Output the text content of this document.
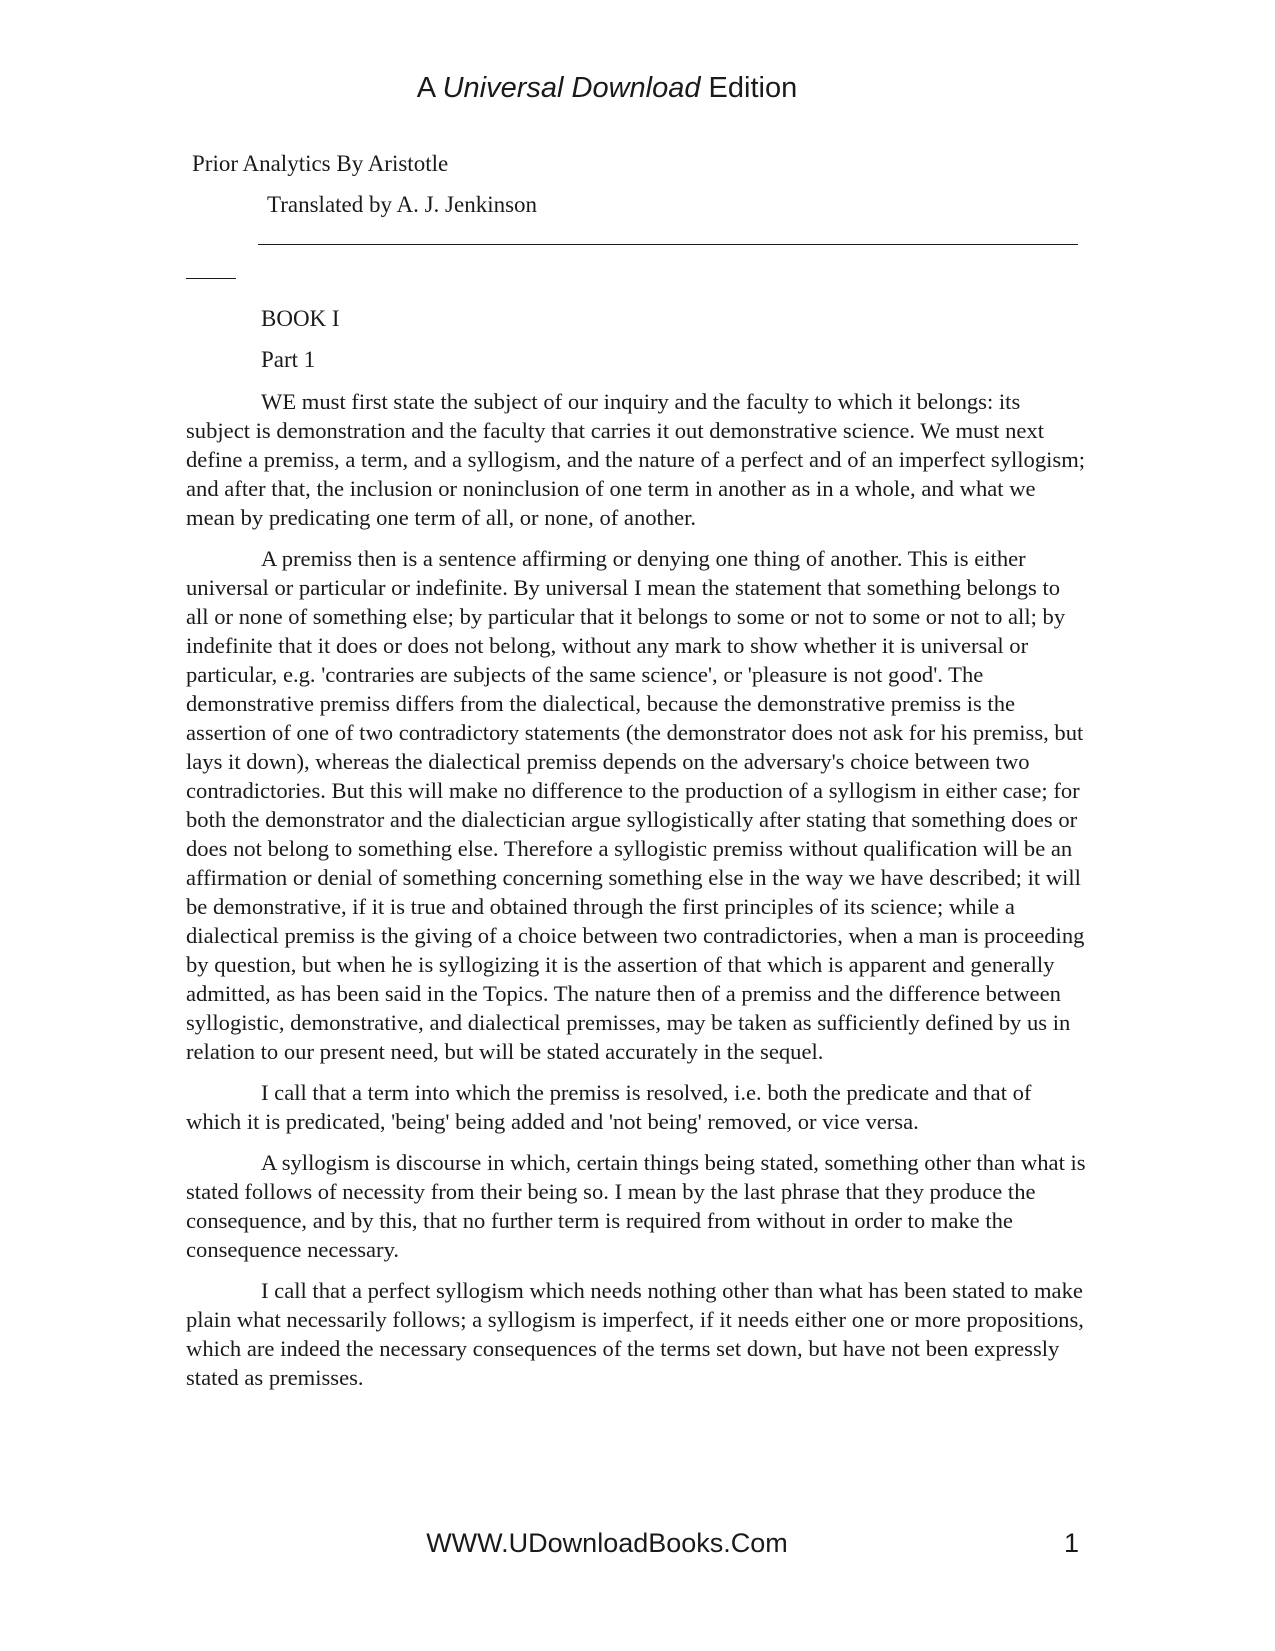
A Universal Download Edition
Prior Analytics By Aristotle
Translated by A. J. Jenkinson
BOOK I
Part 1

WE must first state the subject of our inquiry and the faculty to which it belongs: its subject is demonstration and the faculty that carries it out demonstrative science. We must next define a premiss, a term, and a syllogism, and the nature of a perfect and of an imperfect syllogism; and after that, the inclusion or noninclusion of one term in another as in a whole, and what we mean by predicating one term of all, or none, of another.

A premiss then is a sentence affirming or denying one thing of another. This is either universal or particular or indefinite. By universal I mean the statement that something belongs to all or none of something else; by particular that it belongs to some or not to some or not to all; by indefinite that it does or does not belong, without any mark to show whether it is universal or particular, e.g. 'contraries are subjects of the same science', or 'pleasure is not good'. The demonstrative premiss differs from the dialectical, because the demonstrative premiss is the assertion of one of two contradictory statements (the demonstrator does not ask for his premiss, but lays it down), whereas the dialectical premiss depends on the adversary's choice between two contradictories. But this will make no difference to the production of a syllogism in either case; for both the demonstrator and the dialectician argue syllogistically after stating that something does or does not belong to something else. Therefore a syllogistic premiss without qualification will be an affirmation or denial of something concerning something else in the way we have described; it will be demonstrative, if it is true and obtained through the first principles of its science; while a dialectical premiss is the giving of a choice between two contradictories, when a man is proceeding by question, but when he is syllogizing it is the assertion of that which is apparent and generally admitted, as has been said in the Topics. The nature then of a premiss and the difference between syllogistic, demonstrative, and dialectical premisses, may be taken as sufficiently defined by us in relation to our present need, but will be stated accurately in the sequel.

I call that a term into which the premiss is resolved, i.e. both the predicate and that of which it is predicated, 'being' being added and 'not being' removed, or vice versa.

A syllogism is discourse in which, certain things being stated, something other than what is stated follows of necessity from their being so. I mean by the last phrase that they produce the consequence, and by this, that no further term is required from without in order to make the consequence necessary.

I call that a perfect syllogism which needs nothing other than what has been stated to make plain what necessarily follows; a syllogism is imperfect, if it needs either one or more propositions, which are indeed the necessary consequences of the terms set down, but have not been expressly stated as premisses.

WWW.UDownloadBooks.Com	1
